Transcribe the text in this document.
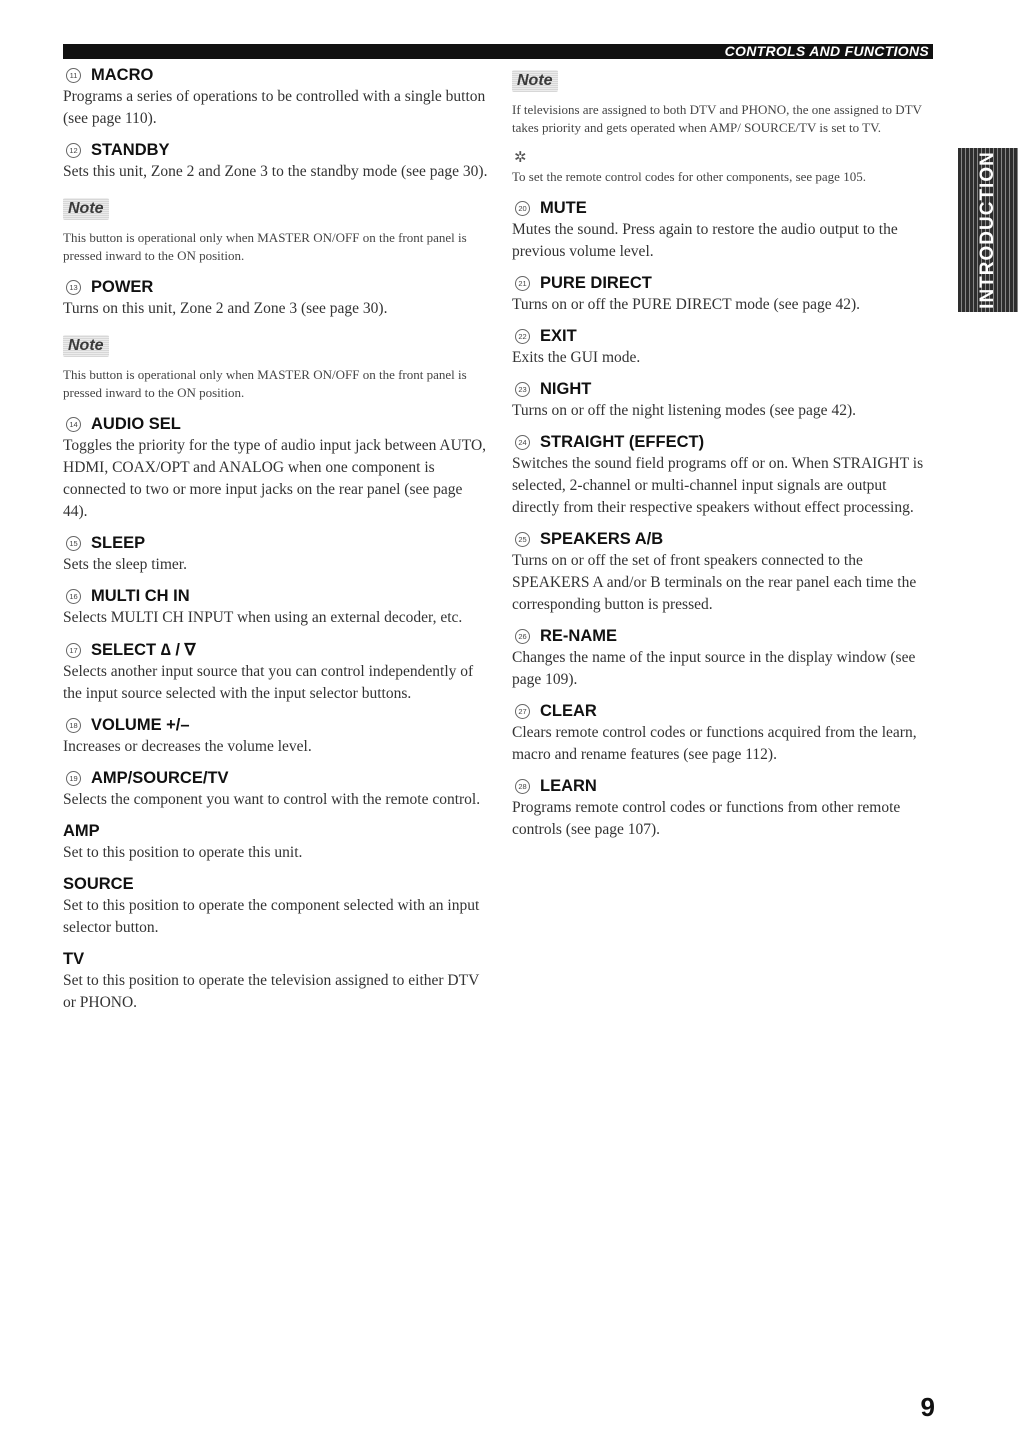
CONTROLS AND FUNCTIONS
INTRODUCTION
11 MACRO
Programs a series of operations to be controlled with a single button (see page 110).
12 STANDBY
Sets this unit, Zone 2 and Zone 3 to the standby mode (see page 30).
Note
This button is operational only when MASTER ON/OFF on the front panel is pressed inward to the ON position.
13 POWER
Turns on this unit, Zone 2 and Zone 3 (see page 30).
Note
This button is operational only when MASTER ON/OFF on the front panel is pressed inward to the ON position.
14 AUDIO SEL
Toggles the priority for the type of audio input jack between AUTO, HDMI, COAX/OPT and ANALOG when one component is connected to two or more input jacks on the rear panel (see page 44).
15 SLEEP
Sets the sleep timer.
16 MULTI CH IN
Selects MULTI CH INPUT when using an external decoder, etc.
17 SELECT ∆ / ∇
Selects another input source that you can control independently of the input source selected with the input selector buttons.
18 VOLUME +/–
Increases or decreases the volume level.
19 AMP/SOURCE/TV
Selects the component you want to control with the remote control.
AMP
Set to this position to operate this unit.
SOURCE
Set to this position to operate the component selected with an input selector button.
TV
Set to this position to operate the television assigned to either DTV or PHONO.
Note
If televisions are assigned to both DTV and PHONO, the one assigned to DTV takes priority and gets operated when AMP/ SOURCE/TV is set to TV.
✲
To set the remote control codes for other components, see page 105.
20 MUTE
Mutes the sound. Press again to restore the audio output to the previous volume level.
21 PURE DIRECT
Turns on or off the PURE DIRECT mode (see page 42).
22 EXIT
Exits the GUI mode.
23 NIGHT
Turns on or off the night listening modes (see page 42).
24 STRAIGHT (EFFECT)
Switches the sound field programs off or on. When STRAIGHT is selected, 2-channel or multi-channel input signals are output directly from their respective speakers without effect processing.
25 SPEAKERS A/B
Turns on or off the set of front speakers connected to the SPEAKERS A and/or B terminals on the rear panel each time the corresponding button is pressed.
26 RE-NAME
Changes the name of the input source in the display window (see page 109).
27 CLEAR
Clears remote control codes or functions acquired from the learn, macro and rename features (see page 112).
28 LEARN
Programs remote control codes or functions from other remote controls (see page 107).
9
